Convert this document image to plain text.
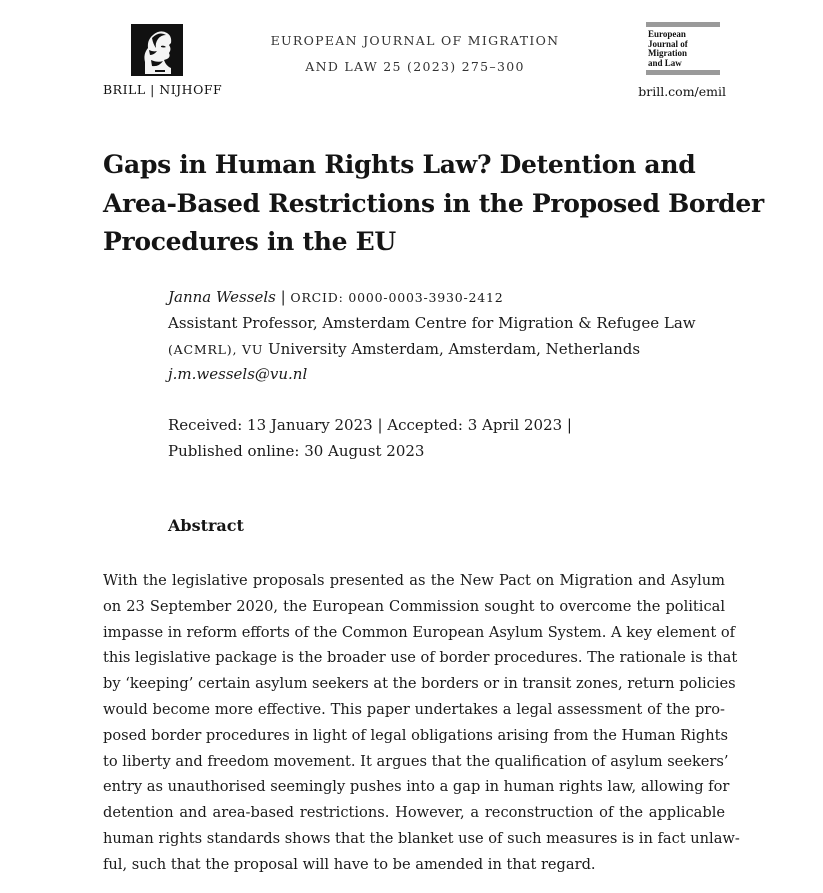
BRILL | NIJHOFF
EUROPEAN JOURNAL OF MIGRATION
AND LAW 25 (2023) 275–300
European
Journal of
Migration
and Law
brill.com/emil
Gaps in Human Rights Law? Detention and
Area-Based Restrictions in the Proposed Border
Procedures in the EU
Janna Wessels | ORCID: 0000-0003-3930-2412
Assistant Professor, Amsterdam Centre for Migration & Refugee Law
(ACMRL), VU University Amsterdam, Amsterdam, Netherlands
j.m.wessels@vu.nl
Received: 13 January 2023 | Accepted: 3 April 2023 |
Published online: 30 August 2023
Abstract
With the legislative proposals presented as the New Pact on Migration and Asylum
on 23 September 2020, the European Commission sought to overcome the political
impasse in reform efforts of the Common European Asylum System. A key element of
this legislative package is the broader use of border procedures. The rationale is that
by ‘keeping’ certain asylum seekers at the borders or in transit zones, return policies
would become more effective. This paper undertakes a legal assessment of the pro-
posed border procedures in light of legal obligations arising from the Human Rights
to liberty and freedom movement. It argues that the qualification of asylum seekers’
entry as unauthorised seemingly pushes into a gap in human rights law, allowing for
detention and area-based restrictions. However, a reconstruction of the applicable
human rights standards shows that the blanket use of such measures is in fact unlaw-
ful, such that the proposal will have to be amended in that regard.
